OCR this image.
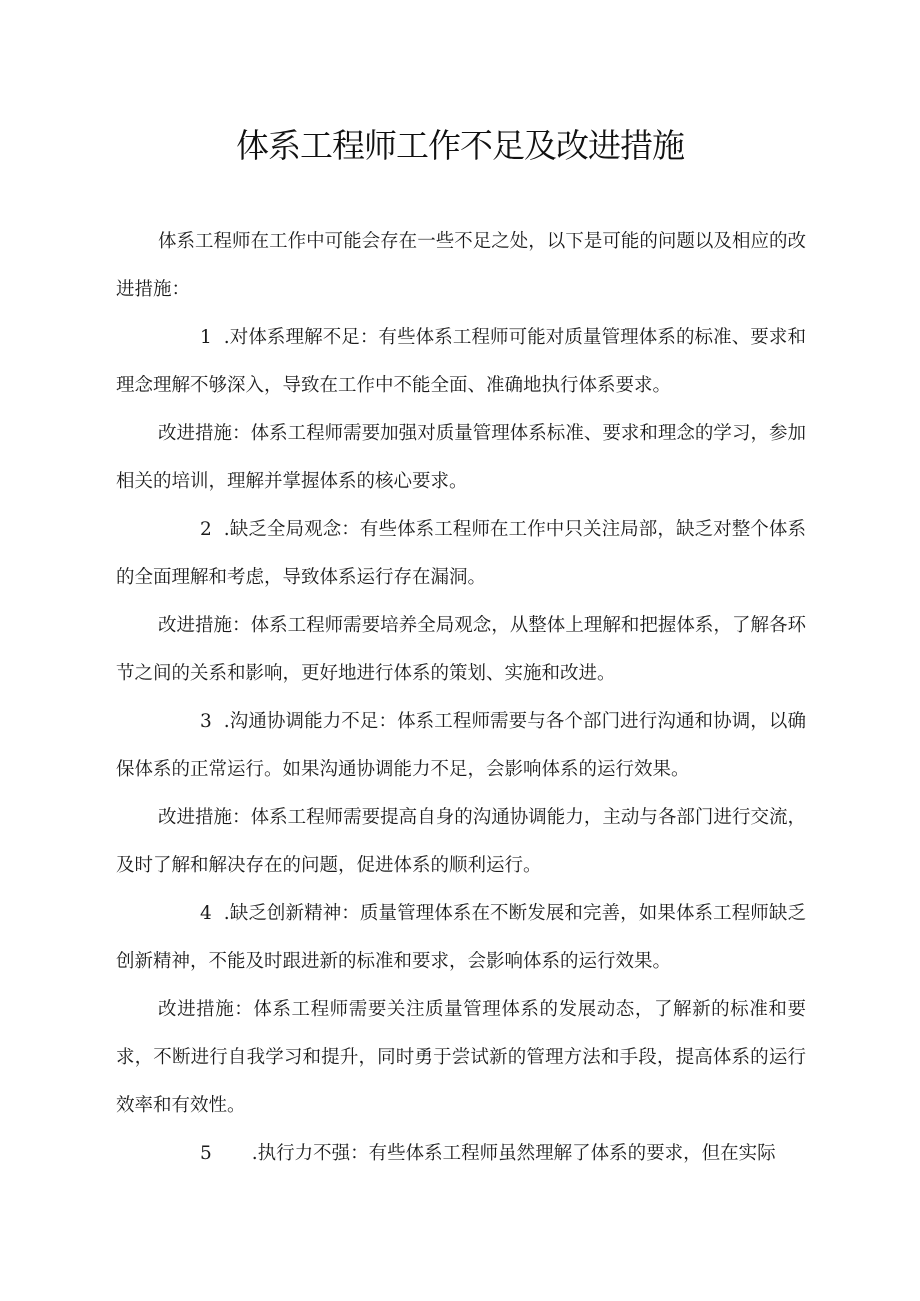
体系工程师工作不足及改进措施

体系工程师在工作中可能会存在一些不足之处，以下是可能的问题以及相应的改进措施：

1 .对体系理解不足：有些体系工程师可能对质量管理体系的标准、要求和理念理解不够深入，导致在工作中不能全面、准确地执行体系要求。

改进措施：体系工程师需要加强对质量管理体系标准、要求和理念的学习，参加相关的培训，理解并掌握体系的核心要求。

2 .缺乏全局观念：有些体系工程师在工作中只关注局部，缺乏对整个体系的全面理解和考虑，导致体系运行存在漏洞。

改进措施：体系工程师需要培养全局观念，从整体上理解和把握体系，了解各环节之间的关系和影响，更好地进行体系的策划、实施和改进。

3 .沟通协调能力不足：体系工程师需要与各个部门进行沟通和协调，以确保体系的正常运行。如果沟通协调能力不足，会影响体系的运行效果。

改进措施：体系工程师需要提高自身的沟通协调能力，主动与各部门进行交流，及时了解和解决存在的问题，促进体系的顺利运行。

4 .缺乏创新精神：质量管理体系在不断发展和完善，如果体系工程师缺乏创新精神，不能及时跟进新的标准和要求，会影响体系的运行效果。

改进措施：体系工程师需要关注质量管理体系的发展动态，了解新的标准和要求，不断进行自我学习和提升，同时勇于尝试新的管理方法和手段，提高体系的运行效率和有效性。

5 .执行力不强：有些体系工程师虽然理解了体系的要求，但在实际
